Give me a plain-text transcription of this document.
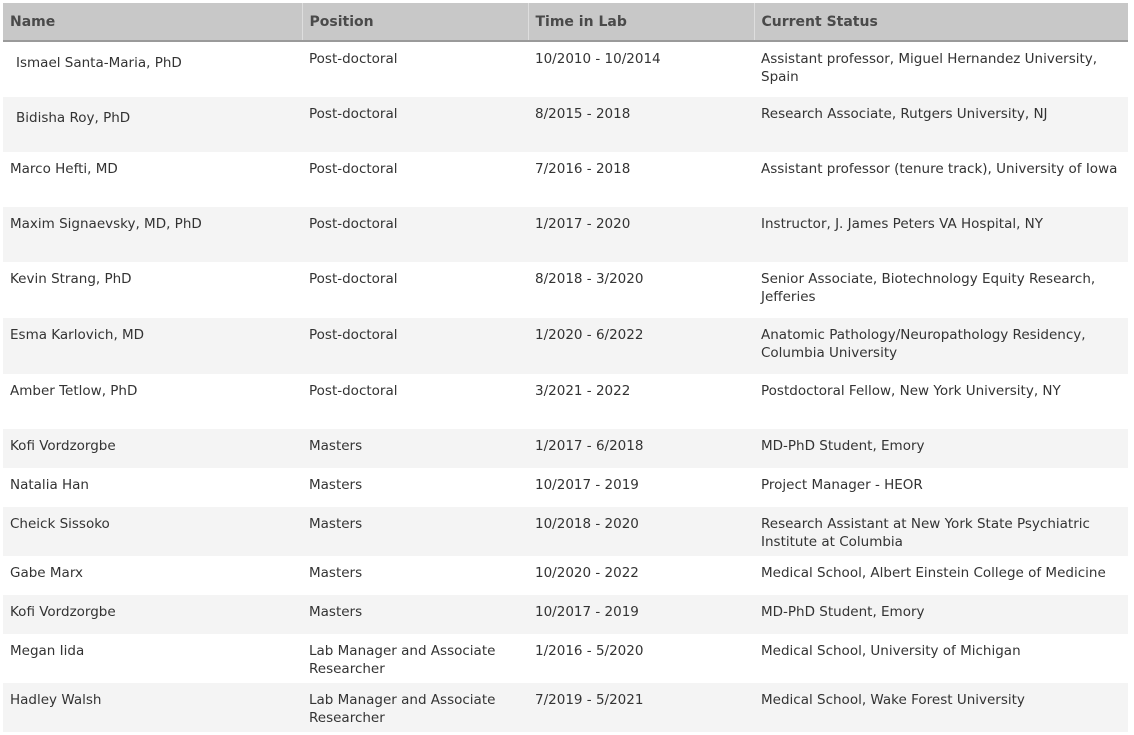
Name	Position	Time in Lab	Current Status
Ismael Santa-Maria, PhD	Post-doctoral	10/2010 - 10/2014	Assistant professor, Miguel Hernandez University, Spain
Bidisha Roy, PhD	Post-doctoral	8/2015 - 2018	Research Associate, Rutgers University, NJ
Marco Hefti, MD	Post-doctoral	7/2016 - 2018	Assistant professor (tenure track), University of Iowa
Maxim Signaevsky, MD, PhD	Post-doctoral	1/2017 - 2020	Instructor, J. James Peters VA Hospital, NY
Kevin Strang, PhD	Post-doctoral	8/2018 - 3/2020	Senior Associate, Biotechnology Equity Research, Jefferies
Esma Karlovich, MD	Post-doctoral	1/2020 - 6/2022	Anatomic Pathology/Neuropathology Residency, Columbia University
Amber Tetlow, PhD	Post-doctoral	3/2021 - 2022	Postdoctoral Fellow, New York University, NY
Kofi Vordzorgbe	Masters	1/2017 - 6/2018	MD-PhD Student, Emory
Natalia Han	Masters	10/2017 - 2019	Project Manager - HEOR
Cheick Sissoko	Masters	10/2018 - 2020	Research Assistant at New York State Psychiatric Institute at Columbia
Gabe Marx	Masters	10/2020 - 2022	Medical School, Albert Einstein College of Medicine
Kofi Vordzorgbe	Masters	10/2017 - 2019	MD-PhD Student, Emory
Megan Iida	Lab Manager and Associate Researcher	1/2016 - 5/2020	Medical School, University of Michigan
Hadley Walsh	Lab Manager and Associate Researcher	7/2019 - 5/2021	Medical School, Wake Forest University
